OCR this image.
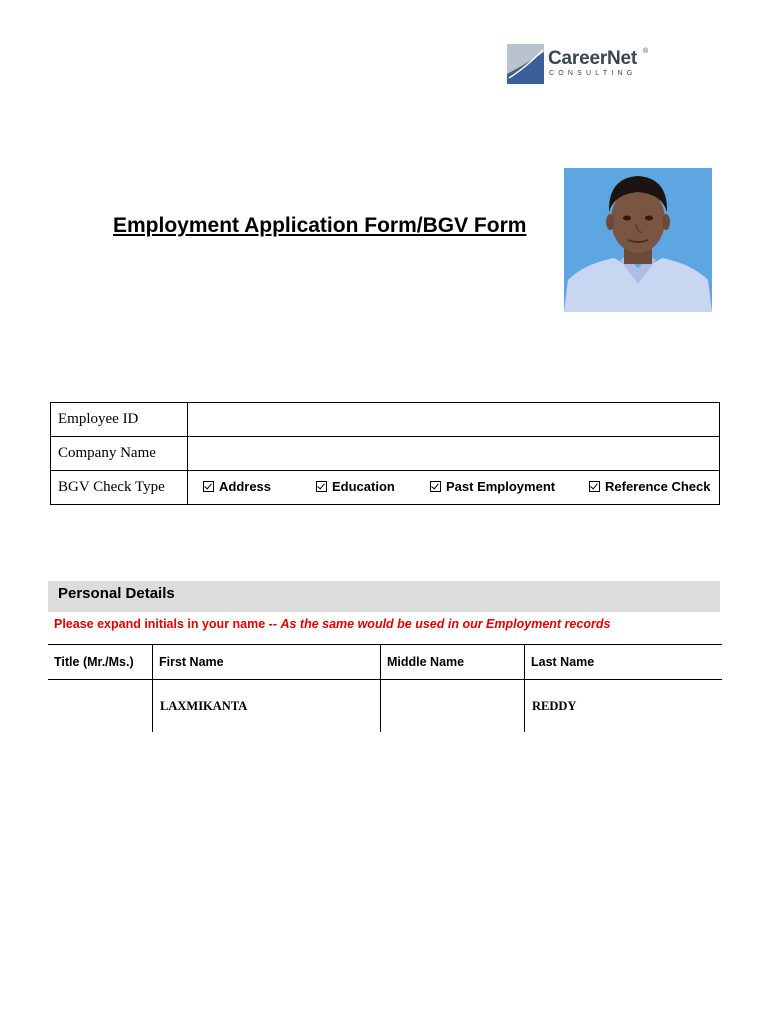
CareerNet ®
CONSULTING
Employment Application Form/BGV Form
Employee ID	
Company Name	
BGV Check Type	Address Education Past Employment Reference Check
Personal Details
Please expand initials in your name -- As the same would be used in our Employment records
Title (Mr./Ms.)	First Name	Middle Name	Last Name
	LAXMIKANTA		REDDY
